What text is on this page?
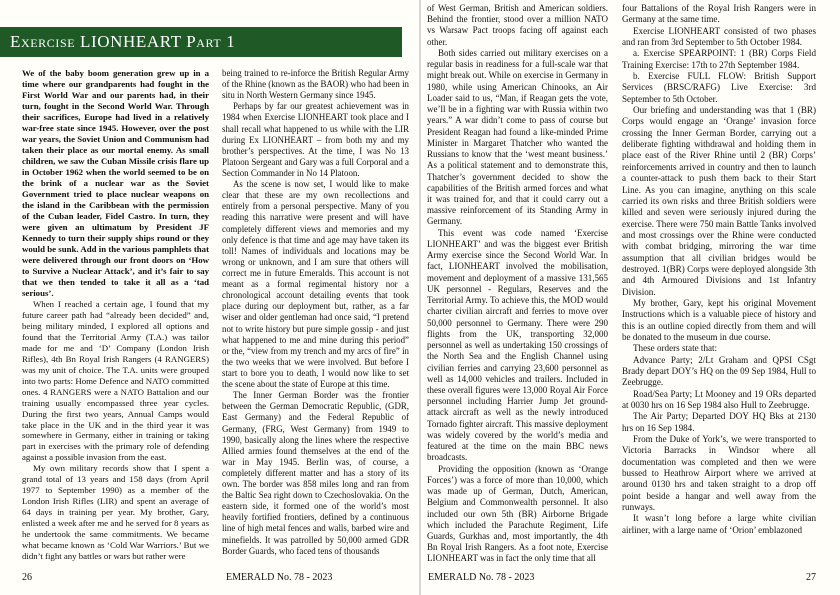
Exercise LIONHEART Part 1

We of the baby boom generation grew up in a time where our grandparents had fought in the First World War and our parents had, in their turn, fought in the Second World War. Through their sacrifices, Europe had lived in a relatively war-free state since 1945. However, over the post war years, the Soviet Union and Communism had taken their place as our mortal enemy. As small children, we saw the Cuban Missile crisis flare up in October 1962 when the world seemed to be on the brink of a nuclear war as the Soviet Government tried to place nuclear weapons on the island in the Caribbean with the permission of the Cuban leader, Fidel Castro. In turn, they were given an ultimatum by President JF Kennedy to turn their supply ships round or they would be sunk. Add in the various pamphlets that were delivered through our front doors on ‘How to Survive a Nuclear Attack’, and it’s fair to say that we then tended to take it all as a ‘tad serious’.

When I reached a certain age, I found that my future career path had “already been decided” and, being military minded, I explored all options and found that the Territorial Army (T.A.) was tailor made for me and ‘D’ Company (London Irish Rifles), 4th Bn Royal Irish Rangers (4 RANGERS) was my unit of choice. The T.A. units were grouped into two parts: Home Defence and NATO committed ones. 4 RANGERS were a NATO Battalion and our training usually encompassed three year cycles. During the first two years, Annual Camps would take place in the UK and in the third year it was somewhere in Germany, either in training or taking part in exercises with the primary role of defending against a possible invasion from the east.

My own military records show that I spent a grand total of 13 years and 158 days (from April 1977 to September 1990) as a member of the London Irish Rifles (LIR) and spent an average of 64 days in training per year. My brother, Gary, enlisted a week after me and he served for 8 years as he undertook the same commitments. We became what became known as ‘Cold War Warriors.’ But we didn’t fight any battles or wars but rather were

being trained to re-inforce the British Regular Army of the Rhine (known as the BAOR) who had been in situ in North Western Germany since 1945.

Perhaps by far our greatest achievement was in 1984 when Exercise LIONHEART took place and I shall recall what happened to us while with the LIR during Ex LIONHEART – from both my and my brother’s perspectives. At the time, I was No 13 Platoon Sergeant and Gary was a full Corporal and a Section Commander in No 14 Platoon.

As the scene is now set, I would like to make clear that these are my own recollections and entirely from a personal perspective. Many of you reading this narrative were present and will have completely different views and memories and my only defence is that time and age may have taken its toll! Names of individuals and locations may be wrong or unknown, and I am sure that others will correct me in future Emeralds. This account is not meant as a formal regimental history nor a chronological account detailing events that took place during our deployment but, rather, as a far wiser and older gentleman had once said, “I pretend not to write history but pure simple gossip - and just what happened to me and mine during this period” or the, “view from my trench and my arcs of fire” in the two weeks that we were involved. But before I start to bore you to death, I would now like to set the scene about the state of Europe at this time.

The Inner German Border was the frontier between the German Democratic Republic, (GDR, East Germany) and the Federal Republic of Germany, (FRG, West Germany) from 1949 to 1990, basically along the lines where the respective Allied armies found themselves at the end of the war in May 1945. Berlin was, of course, a completely different matter and has a story of its own. The border was 858 miles long and ran from the Baltic Sea right down to Czechoslovakia. On the eastern side, it formed one of the world’s most heavily fortified frontiers, defined by a continuous line of high metal fences and walls, barbed wire and minefields. It was patrolled by 50,000 armed GDR Border Guards, who faced tens of thousands

of West German, British and American soldiers. Behind the frontier, stood over a million NATO vs Warsaw Pact troops facing off against each other.

Both sides carried out military exercises on a regular basis in readiness for a full-scale war that might break out. While on exercise in Germany in 1980, while using American Chinooks, an Air Loader said to us, “Man, if Reagan gets the vote, we’ll be in a fighting war with Russia within two years.” A war didn’t come to pass of course but President Reagan had found a like-minded Prime Minister in Margaret Thatcher who wanted the Russians to know that the ‘west meant business.’ As a political statement and to demonstrate this, Thatcher’s government decided to show the capabilities of the British armed forces and what it was trained for, and that it could carry out a massive reinforcement of its Standing Army in Germany.

This event was code named ‘Exercise LIONHEART’ and was the biggest ever British Army exercise since the Second World War. In fact, LIONHEART involved the mobilisation, movement and deployment of a massive 131,565 UK personnel - Regulars, Reserves and the Territorial Army. To achieve this, the MOD would charter civilian aircraft and ferries to move over 50,000 personnel to Germany. There were 290 flights from the UK, transporting 32,000 personnel as well as undertaking 150 crossings of the North Sea and the English Channel using civilian ferries and carrying 23,600 personnel as well as 14,000 vehicles and trailers. Included in these overall figures were 13,000 Royal Air Force personnel including Harrier Jump Jet ground-attack aircraft as well as the newly introduced Tornado fighter aircraft. This massive deployment was widely covered by the world’s media and featured at the time on the main BBC news broadcasts.

Providing the opposition (known as ‘Orange Forces’) was a force of more than 10,000, which was made up of German, Dutch, American, Belgium and Commonwealth personnel. It also included our own 5th (BR) Airborne Brigade which included the Parachute Regiment, Life Guards, Gurkhas and, most importantly, the 4th Bn Royal Irish Rangers. As a foot note, Exercise LIONHEART was in fact the only time that all

four Battalions of the Royal Irish Rangers were in Germany at the same time.

Exercise LIONHEART consisted of two phases and ran from 3rd September to 5th October 1984.

a. Exercise SPEARPOINT: 1 (BR) Corps Field Training Exercise: 17th to 27th September 1984.

b. Exercise FULL FLOW: British Support Services (BRSC/RAFG) Live Exercise: 3rd September to 5th October.

Our briefing and understanding was that 1 (BR) Corps would engage an ‘Orange’ invasion force crossing the Inner German Border, carrying out a deliberate fighting withdrawal and holding them in place east of the River Rhine until 2 (BR) Corps’ reinforcements arrived in country and then to launch a counter-attack to push them back to their Start Line. As you can imagine, anything on this scale carried its own risks and three British soldiers were killed and seven were seriously injured during the exercise. There were 750 main Battle Tanks involved and most crossings over the Rhine were conducted with combat bridging, mirroring the war time assumption that all civilian bridges would be destroyed. 1(BR) Corps were deployed alongside 3th and 4th Armoured Divisions and 1st Infantry Division.

My brother, Gary, kept his original Movement Instructions which is a valuable piece of history and this is an outline copied directly from them and will be donated to the museum in due course.

These orders state that:

Advance Party; 2/Lt Graham and QPSI CSgt Brady depart DOY’s HQ on the 09 Sep 1984, Hull to Zeebrugge.

Road/Sea Party; Lt Mooney and 19 ORs departed at 0030 hrs on 16 Sep 1984 also Hull to Zeebrugge.

The Air Party; Departed DOY HQ Bks at 2130 hrs on 16 Sep 1984.

From the Duke of York’s, we were transported to Victoria Barracks in Windsor where all documentation was completed and then we were bussed to Heathrow Airport where we arrived at around 0130 hrs and taken straight to a drop off point beside a hangar and well away from the runways.

It wasn’t long before a large white civilian airliner, with a large name of ‘Orion’ emblazoned

26	EMERALD No. 78 - 2023	EMERALD No. 78 - 2023	27
